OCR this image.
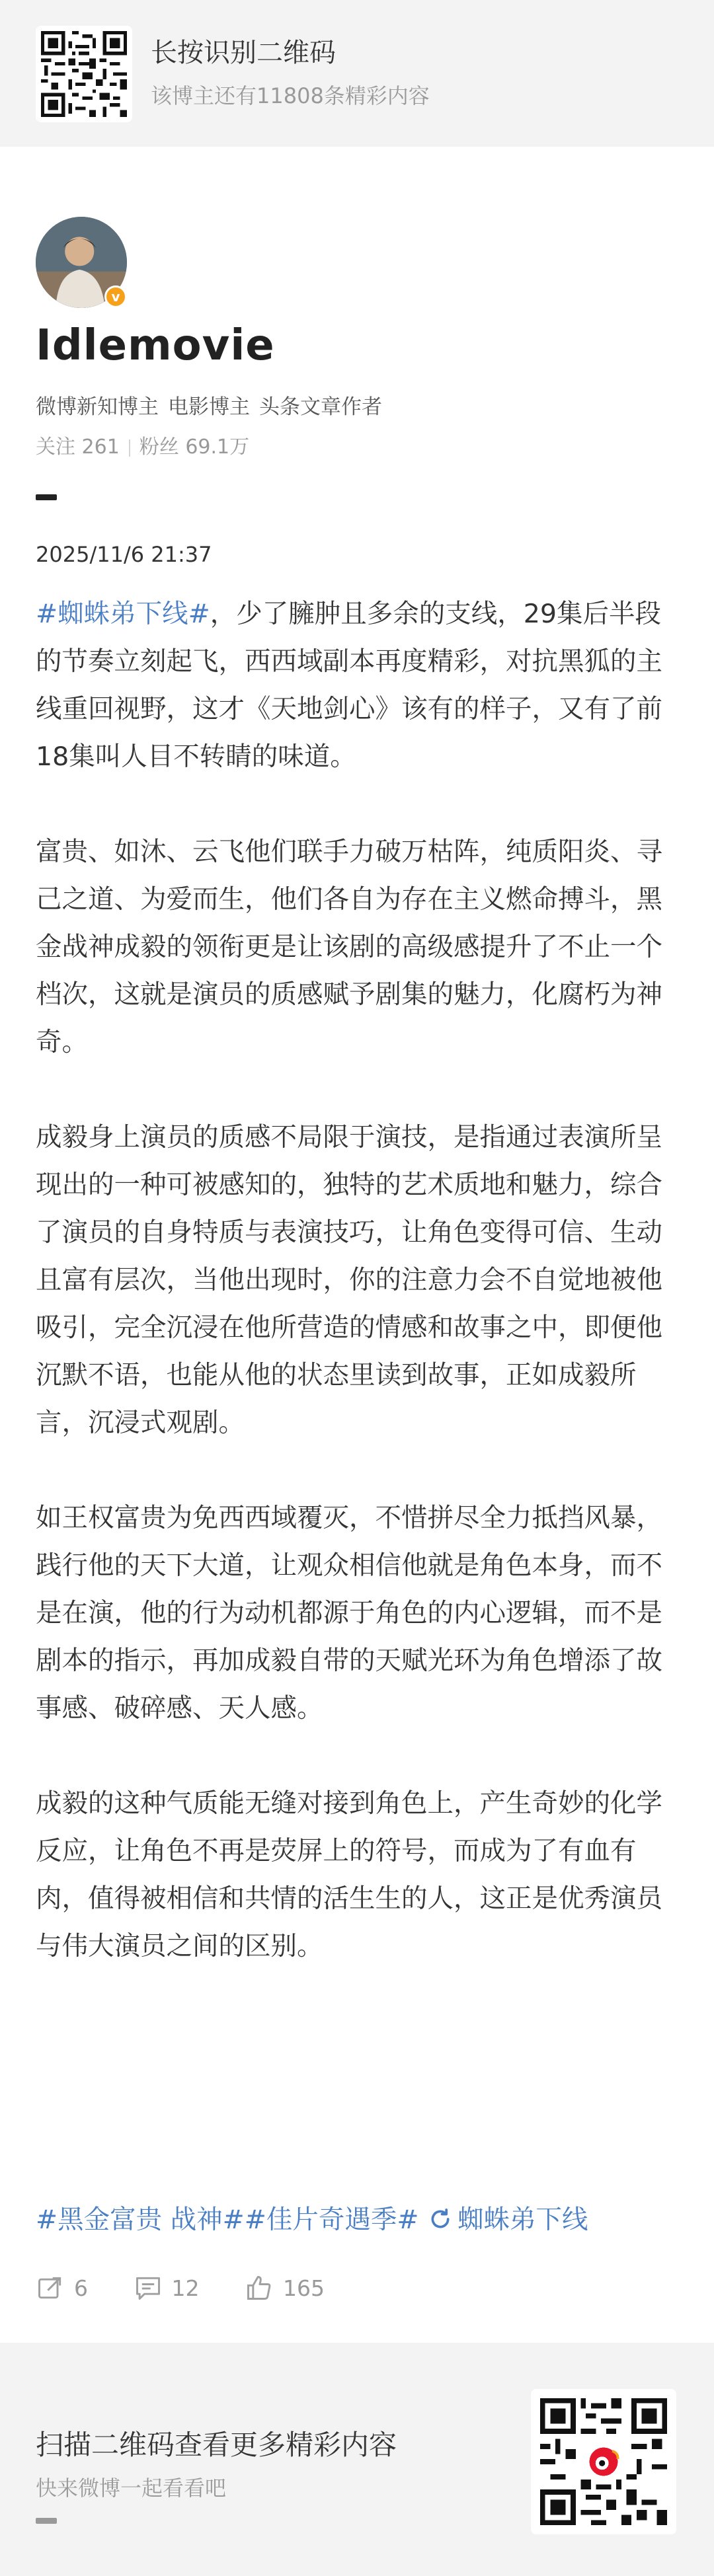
长按识别二维码
该博主还有11808条精彩内容
v
Idlemovie
微博新知博主 电影博主 头条文章作者
关注 261 粉丝 69.1万
2025/11/6 21:37

#蜘蛛弟下线#，少了臃肿且多余的支线，29集后半段的节奏立刻起飞，西西域副本再度精彩，对抗黑狐的主线重回视野，这才《天地剑心》该有的样子，又有了前18集叫人目不转睛的味道。

富贵、如沐、云飞他们联手力破万枯阵，纯质阳炎、寻己之道、为爱而生，他们各自为存在主义燃命搏斗，黑金战神成毅的领衔更是让该剧的高级感提升了不止一个档次，这就是演员的质感赋予剧集的魅力，化腐朽为神奇。

成毅身上演员的质感不局限于演技，是指通过表演所呈现出的一种可被感知的，独特的艺术质地和魅力，综合了演员的自身特质与表演技巧，让角色变得可信、生动且富有层次，当他出现时，你的注意力会不自觉地被他吸引，完全沉浸在他所营造的情感和故事之中，即便他沉默不语，也能从他的状态里读到故事，正如成毅所言，沉浸式观剧。

如王权富贵为免西西域覆灭，不惜拼尽全力抵挡风暴，践行他的天下大道，让观众相信他就是角色本身，而不是在演，他的行为动机都源于角色的内心逻辑，而不是剧本的指示，再加成毅自带的天赋光环为角色增添了故事感、破碎感、天人感。

成毅的这种气质能无缝对接到角色上，产生奇妙的化学反应，让角色不再是荧屏上的符号，而成为了有血有肉，值得被相信和共情的活生生的人，这正是优秀演员与伟大演员之间的区别。

#黑金富贵 战神##佳片奇遇季# 蜘蛛弟下线
6
	12
	165
扫描二维码查看更多精彩内容
快来微博一起看看吧
